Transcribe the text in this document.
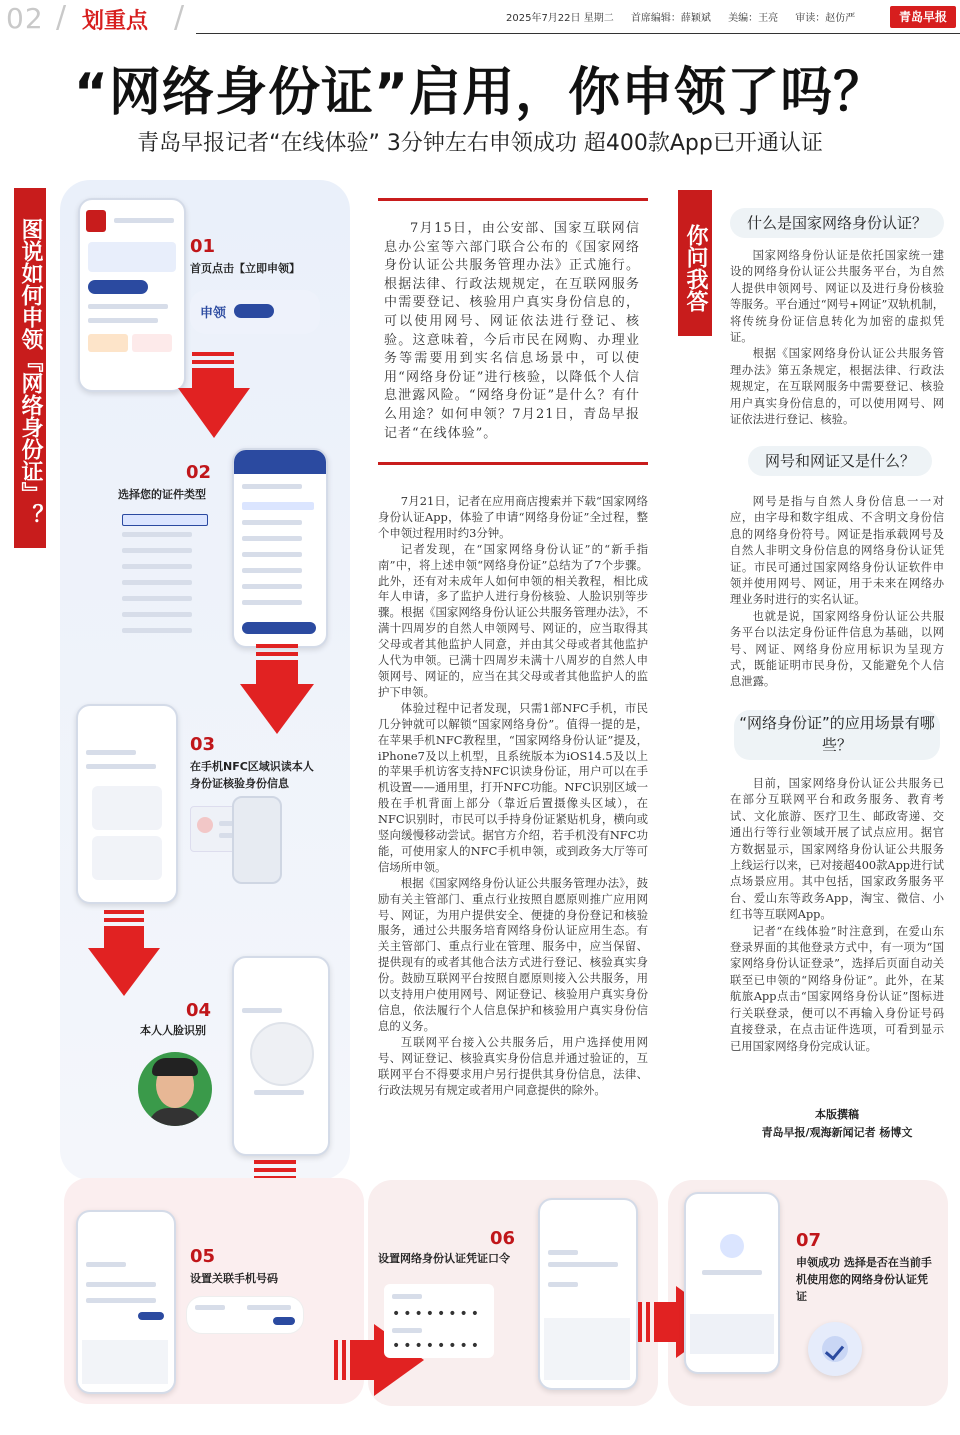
02 / 划重点 /	2025年7月22日 星期二 首席编辑：薛颖斌 美编：王亮 审读：赵仿严	青岛早报
“网络身份证”启用，你申领了吗？
青岛早报记者“在线体验” 3分钟左右申领成功 超400款App已开通认证
图说如何申领『网络身份证』？	01
首页点击【立即申领】
申领
02
选择您的证件类型
03
在手机NFC区域识读本人身份证核验身份信息
04
本人人脸识别
05
设置关联手机号码
06
设置网络身份认证凭证口令
••••••••
••••••••
07
申领成功 选择是否在当前手机使用您的网络身份认证凭证

7月15日，由公安部、国家互联网信息办公室等六部门联合公布的《国家网络身份认证公共服务管理办法》正式施行。根据法律、行政法规规定，在互联网服务中需要登记、核验用户真实身份信息的，可以使用网号、网证依法进行登记、核验。这意味着，今后市民在网购、办理业务等需要用到实名信息场景中，可以使用“网络身份证”进行核验，以降低个人信息泄露风险。“网络身份证”是什么？有什么用途？如何申领？7月21日，青岛早报记者“在线体验”。

7月21日，记者在应用商店搜索并下载“国家网络身份认证App，体验了申请“网络身份证”全过程，整个申领过程用时约3分钟。

记者发现，在“国家网络身份认证”的“新手指南”中，将上述申领“网络身份证”总结为了7个步骤。此外，还有对未成年人如何申领的相关教程，相比成年人申请，多了监护人进行身份核验、人脸识别等步骤。根据《国家网络身份认证公共服务管理办法》，不满十四周岁的自然人申领网号、网证的，应当取得其父母或者其他监护人同意，并由其父母或者其他监护人代为申领。已满十四周岁未满十八周岁的自然人申领网号、网证的，应当在其父母或者其他监护人的监护下申领。

体验过程中记者发现，只需1部NFC手机，市民几分钟就可以解锁“国家网络身份”。值得一提的是，在苹果手机NFC教程里，“国家网络身份认证”提及，iPhone7及以上机型，且系统版本为iOS14.5及以上的苹果手机访客支持NFC识读身份证，用户可以在手机设置——通用里，打开NFC功能。NFC识别区域一般在手机背面上部分（靠近后置摄像头区域），在NFC识别时，市民可以手持身份证紧贴机身，横向或竖向缓慢移动尝试。据官方介绍，若手机没有NFC功能，可使用家人的NFC手机申领，或到政务大厅等可信场所申领。

根据《国家网络身份认证公共服务管理办法》，鼓励有关主管部门、重点行业按照自愿原则推广应用网号、网证，为用户提供安全、便捷的身份登记和核验服务，通过公共服务培育网络身份认证应用生态。有关主管部门、重点行业在管理、服务中，应当保留、提供现有的或者其他合法方式进行登记、核验真实身份。鼓励互联网平台按照自愿原则接入公共服务，用以支持用户使用网号、网证登记、核验用户真实身份信息，依法履行个人信息保护和核验用户真实身份信息的义务。

互联网平台接入公共服务后，用户选择使用网号、网证登记、核验真实身份信息并通过验证的，互联网平台不得要求用户另行提供其身份信息，法律、行政法规另有规定或者用户同意提供的除外。

你问我答
什么是国家网络身份认证？

国家网络身份认证是依托国家统一建设的网络身份认证公共服务平台，为自然人提供申领网号、网证以及进行身份核验等服务。平台通过“网号+网证”双轨机制，将传统身份证信息转化为加密的虚拟凭证。

根据《国家网络身份认证公共服务管理办法》第五条规定，根据法律、行政法规规定，在互联网服务中需要登记、核验用户真实身份信息的，可以使用网号、网证依法进行登记、核验。

网号和网证又是什么？

网号是指与自然人身份信息一一对应，由字母和数字组成、不含明文身份信息的网络身份符号。网证是指承载网号及自然人非明文身份信息的网络身份认证凭证。市民可通过国家网络身份认证软件申领并使用网号、网证，用于未来在网络办理业务时进行的实名认证。

也就是说，国家网络身份认证公共服务平台以法定身份证件信息为基础，以网号、网证、网络身份应用标识为呈现方式，既能证明市民身份，又能避免个人信息泄露。

“网络身份证”的应用场景有哪些？

目前，国家网络身份认证公共服务已在部分互联网平台和政务服务、教育考试、文化旅游、医疗卫生、邮政寄递、交通出行等行业领域开展了试点应用。据官方数据显示，国家网络身份认证公共服务上线运行以来，已对接超400款App进行试点场景应用。其中包括，国家政务服务平台、爱山东等政务App，淘宝、微信、小红书等互联网App。

记者“在线体验”时注意到，在爱山东登录界面的其他登录方式中，有一项为“国家网络身份认证登录”，选择后页面自动关联至已申领的“网络身份证”。此外，在某航旅App点击“国家网络身份认证”图标进行关联登录，便可以不再输入身份证号码直接登录，在点击证件选项，可看到显示已用国家网络身份完成认证。

本版撰稿
青岛早报/观海新闻记者 杨博文
